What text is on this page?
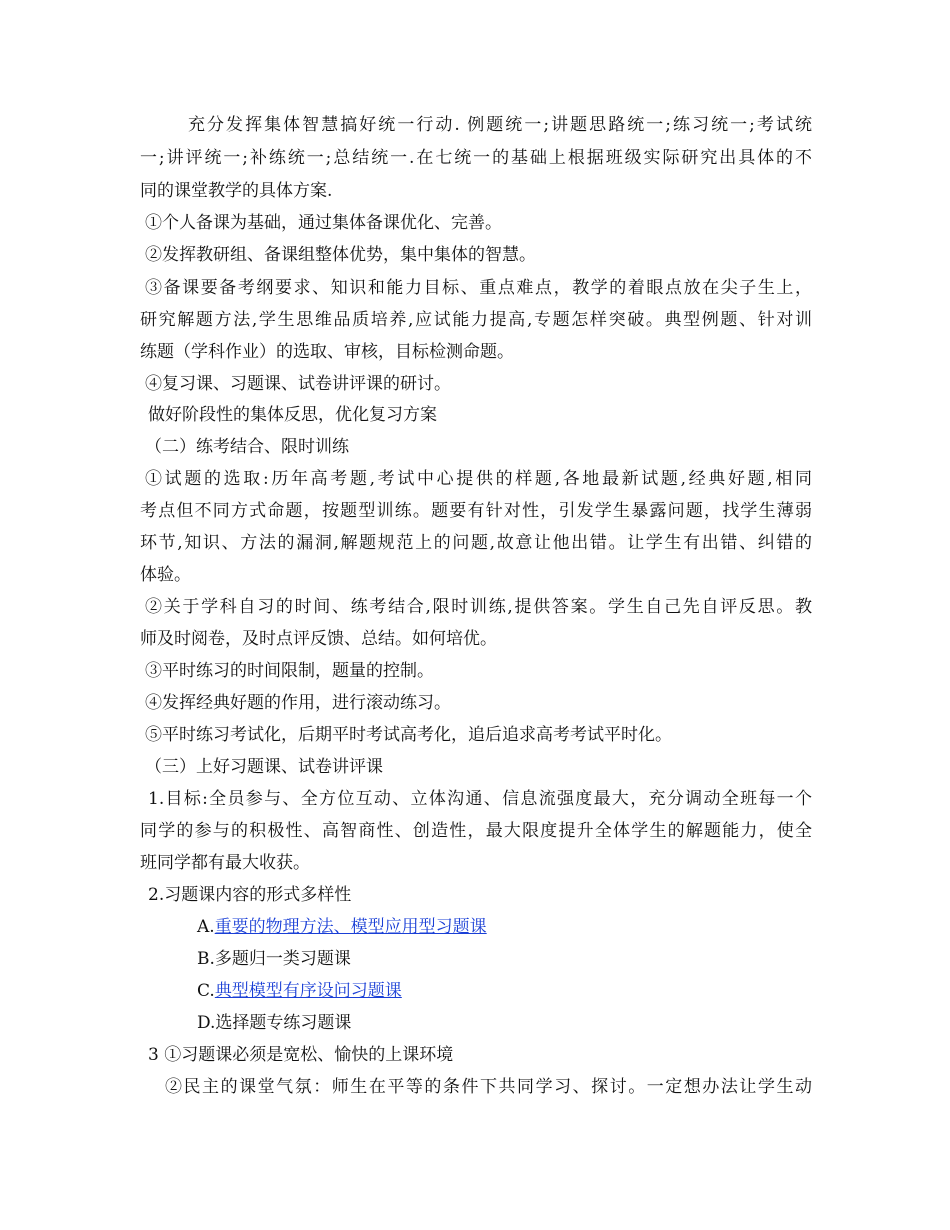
充分发挥集体智慧搞好统一行动. 例题统一;讲题思路统一;练习统一;考试统
一;讲评统一;补练统一;总结统一.在七统一的基础上根据班级实际研究出具体的不
同的课堂教学的具体方案.
①个人备课为基础，通过集体备课优化、完善。
②发挥教研组、备课组整体优势，集中集体的智慧。
③备课要备考纲要求、知识和能力目标、重点难点，教学的着眼点放在尖子生上，
研究解题方法,学生思维品质培养,应试能力提高,专题怎样突破。典型例题、针对训
练题（学科作业）的选取、审核，目标检测命题。
④复习课、习题课、试卷讲评课的研讨。
做好阶段性的集体反思，优化复习方案
（二）练考结合、限时训练
①试题的选取:历年高考题,考试中心提供的样题,各地最新试题,经典好题,相同
考点但不同方式命题，按题型训练。题要有针对性，引发学生暴露问题，找学生薄弱
环节,知识、方法的漏洞,解题规范上的问题,故意让他出错。让学生有出错、纠错的
体验。
②关于学科自习的时间、练考结合,限时训练,提供答案。学生自己先自评反思。教
师及时阅卷，及时点评反馈、总结。如何培优。
③平时练习的时间限制，题量的控制。
④发挥经典好题的作用，进行滚动练习。
⑤平时练习考试化，后期平时考试高考化，追后追求高考考试平时化。
（三）上好习题课、试卷讲评课
1.目标:全员参与、全方位互动、立体沟通、信息流强度最大，充分调动全班每一个
同学的参与的积极性、高智商性、创造性，最大限度提升全体学生的解题能力，使全
班同学都有最大收获。
2.习题课内容的形式多样性
A.重要的物理方法、模型应用型习题课
B.多题归一类习题课
C.典型模型有序设问习题课
D.选择题专练习题课
3 ①习题课必须是宽松、愉快的上课环境
②民主的课堂气氛：师生在平等的条件下共同学习、探讨。一定想办法让学生动
